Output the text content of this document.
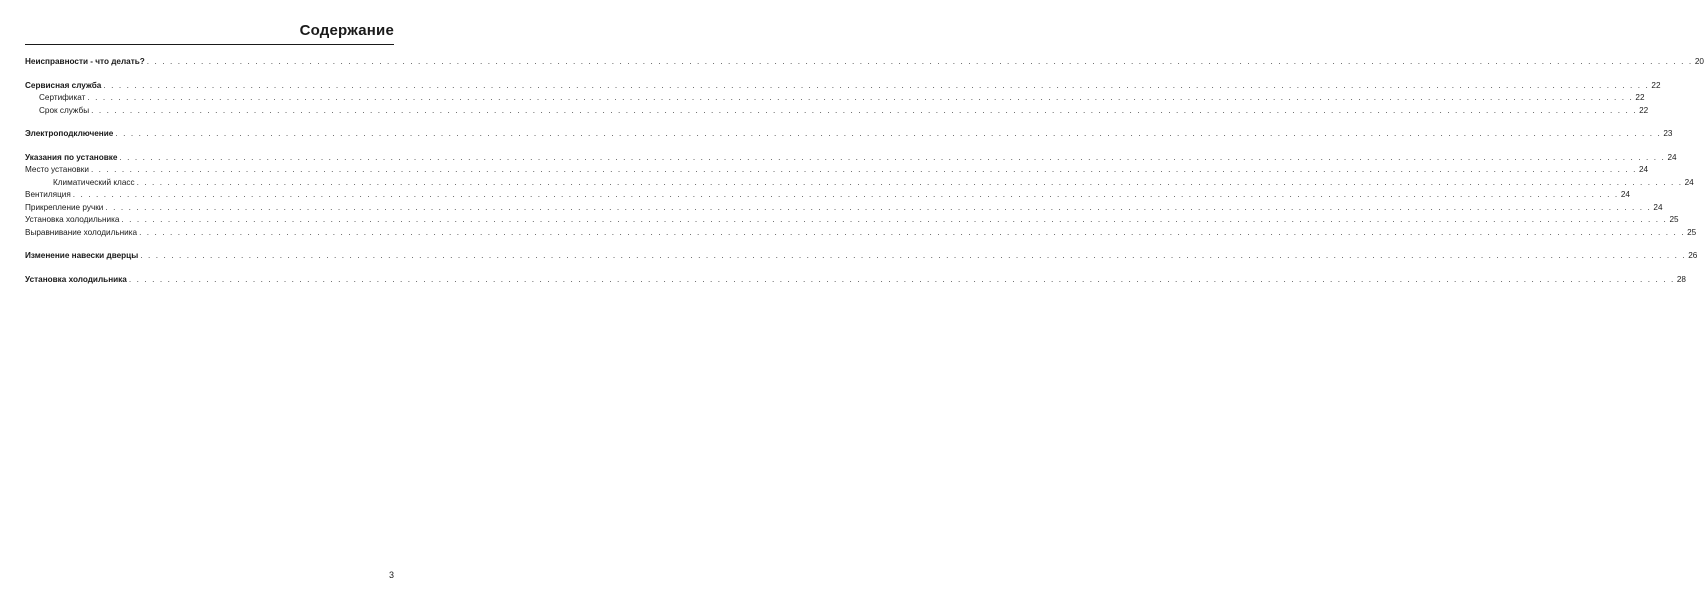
Содержание
Неисправности - что делать? . . . . . . . . . . . . . . . . . . . . . . . . . . . . . . . . . . . . . . . . . . . . . . . . . . . . . . . . . . . . . . . . . . . . . . . . . . . . . . . . . . . . . . . . . . . . . . . . . . . . . . . . . . . . . . . . . . . . . . . . . . . . . . . . . . . . . . . . . . . . . . . . . . . . . . . . . . . . . . . . . . . . . . . . . . . . . . . . . . . . . . . . . . . . . . . . . . . . . . . . 20
Сервисная служба . . . . . . . . . . . . . . . . . . . . . . . . . . . . . . . . . . . . . . . . . . . . . . . . . . . . . . . . . . . . . . . . . . . . . . . . . . . . . . . . . . . . . . . . . . . . . . . . . . . . . . . . . . . . . . . . . . . . . . . . . . . . . . . . . . . . . . . . . . . . . . . . . . . . . . . . . . . . . . . . . . . . . . . . . . . . . . . . . . . . . . . . . . . . . . . . . . . . . . . . 22
Сертификат . . . . . . . . . . . . . . . . . . . . . . . . . . . . . . . . . . . . . . . . . . . . . . . . . . . . . . . . . . . . . . . . . . . . . . . . . . . . . . . . . . . . . . . . . . . . . . . . . . . . . . . . . . . . . . . . . . . . . . . . . . . . . . . . . . . . . . . . . . . . . . . . . . . . . . . . . . . . . . . . . . . . . . . . . . . . . . . . . . . . . . . . . . . . . . . . . . . . . . . . 22
Срок службы . . . . . . . . . . . . . . . . . . . . . . . . . . . . . . . . . . . . . . . . . . . . . . . . . . . . . . . . . . . . . . . . . . . . . . . . . . . . . . . . . . . . . . . . . . . . . . . . . . . . . . . . . . . . . . . . . . . . . . . . . . . . . . . . . . . . . . . . . . . . . . . . . . . . . . . . . . . . . . . . . . . . . . . . . . . . . . . . . . . . . . . . . . . . . . . . . . . . . . . . 22
Электроподключение . . . . . . . . . . . . . . . . . . . . . . . . . . . . . . . . . . . . . . . . . . . . . . . . . . . . . . . . . . . . . . . . . . . . . . . . . . . . . . . . . . . . . . . . . . . . . . . . . . . . . . . . . . . . . . . . . . . . . . . . . . . . . . . . . . . . . . . . . . . . . . . . . . . . . . . . . . . . . . . . . . . . . . . . . . . . . . . . . . . . . . . . . . . . . . . . . . . . . . . . 23
Указания по установке . . . . . . . . . . . . . . . . . . . . . . . . . . . . . . . . . . . . . . . . . . . . . . . . . . . . . . . . . . . . . . . . . . . . . . . . . . . . . . . . . . . . . . . . . . . . . . . . . . . . . . . . . . . . . . . . . . . . . . . . . . . . . . . . . . . . . . . . . . . . . . . . . . . . . . . . . . . . . . . . . . . . . . . . . . . . . . . . . . . . . . . . . . . . . . . . . . . . . . . . 24
Место установки . . . . . . . . . . . . . . . . . . . . . . . . . . . . . . . . . . . . . . . . . . . . . . . . . . . . . . . . . . . . . . . . . . . . . . . . . . . . . . . . . . . . . . . . . . . . . . . . . . . . . . . . . . . . . . . . . . . . . . . . . . . . . . . . . . . . . . . . . . . . . . . . . . . . . . . . . . . . . . . . . . . . . . . . . . . . . . . . . . . . . . . . . . . . . . . . . . . . . . . . 24
Климатический класс . . . . . . . . . . . . . . . . . . . . . . . . . . . . . . . . . . . . . . . . . . . . . . . . . . . . . . . . . . . . . . . . . . . . . . . . . . . . . . . . . . . . . . . . . . . . . . . . . . . . . . . . . . . . . . . . . . . . . . . . . . . . . . . . . . . . . . . . . . . . . . . . . . . . . . . . . . . . . . . . . . . . . . . . . . . . . . . . . . . . . . . . . . . . . . . . . . . . . . . . 24
Вентиляция . . . . . . . . . . . . . . . . . . . . . . . . . . . . . . . . . . . . . . . . . . . . . . . . . . . . . . . . . . . . . . . . . . . . . . . . . . . . . . . . . . . . . . . . . . . . . . . . . . . . . . . . . . . . . . . . . . . . . . . . . . . . . . . . . . . . . . . . . . . . . . . . . . . . . . . . . . . . . . . . . . . . . . . . . . . . . . . . . . . . . . . . . . . . . . . . . . . . . . . . 24
Прикрепление ручки . . . . . . . . . . . . . . . . . . . . . . . . . . . . . . . . . . . . . . . . . . . . . . . . . . . . . . . . . . . . . . . . . . . . . . . . . . . . . . . . . . . . . . . . . . . . . . . . . . . . . . . . . . . . . . . . . . . . . . . . . . . . . . . . . . . . . . . . . . . . . . . . . . . . . . . . . . . . . . . . . . . . . . . . . . . . . . . . . . . . . . . . . . . . . . . . . . . . . . . . 24
Установка холодильника . . . . . . . . . . . . . . . . . . . . . . . . . . . . . . . . . . . . . . . . . . . . . . . . . . . . . . . . . . . . . . . . . . . . . . . . . . . . . . . . . . . . . . . . . . . . . . . . . . . . . . . . . . . . . . . . . . . . . . . . . . . . . . . . . . . . . . . . . . . . . . . . . . . . . . . . . . . . . . . . . . . . . . . . . . . . . . . . . . . . . . . . . . . . . . . . . . . . . . . . 25
Выравнивание холодильника . . . . . . . . . . . . . . . . . . . . . . . . . . . . . . . . . . . . . . . . . . . . . . . . . . . . . . . . . . . . . . . . . . . . . . . . . . . . . . . . . . . . . . . . . . . . . . . . . . . . . . . . . . . . . . . . . . . . . . . . . . . . . . . . . . . . . . . . . . . . . . . . . . . . . . . . . . . . . . . . . . . . . . . . . . . . . . . . . . . . . . . . . . . . . . . . . . . . . . . . 25
Изменение навески дверцы . . . . . . . . . . . . . . . . . . . . . . . . . . . . . . . . . . . . . . . . . . . . . . . . . . . . . . . . . . . . . . . . . . . . . . . . . . . . . . . . . . . . . . . . . . . . . . . . . . . . . . . . . . . . . . . . . . . . . . . . . . . . . . . . . . . . . . . . . . . . . . . . . . . . . . . . . . . . . . . . . . . . . . . . . . . . . . . . . . . . . . . . . . . . . . . . . . . . . . . . 26
Установка холодильника . . . . . . . . . . . . . . . . . . . . . . . . . . . . . . . . . . . . . . . . . . . . . . . . . . . . . . . . . . . . . . . . . . . . . . . . . . . . . . . . . . . . . . . . . . . . . . . . . . . . . . . . . . . . . . . . . . . . . . . . . . . . . . . . . . . . . . . . . . . . . . . . . . . . . . . . . . . . . . . . . . . . . . . . . . . . . . . . . . . . . . . . . . . . . . . . . . . . . . . . 28
3
